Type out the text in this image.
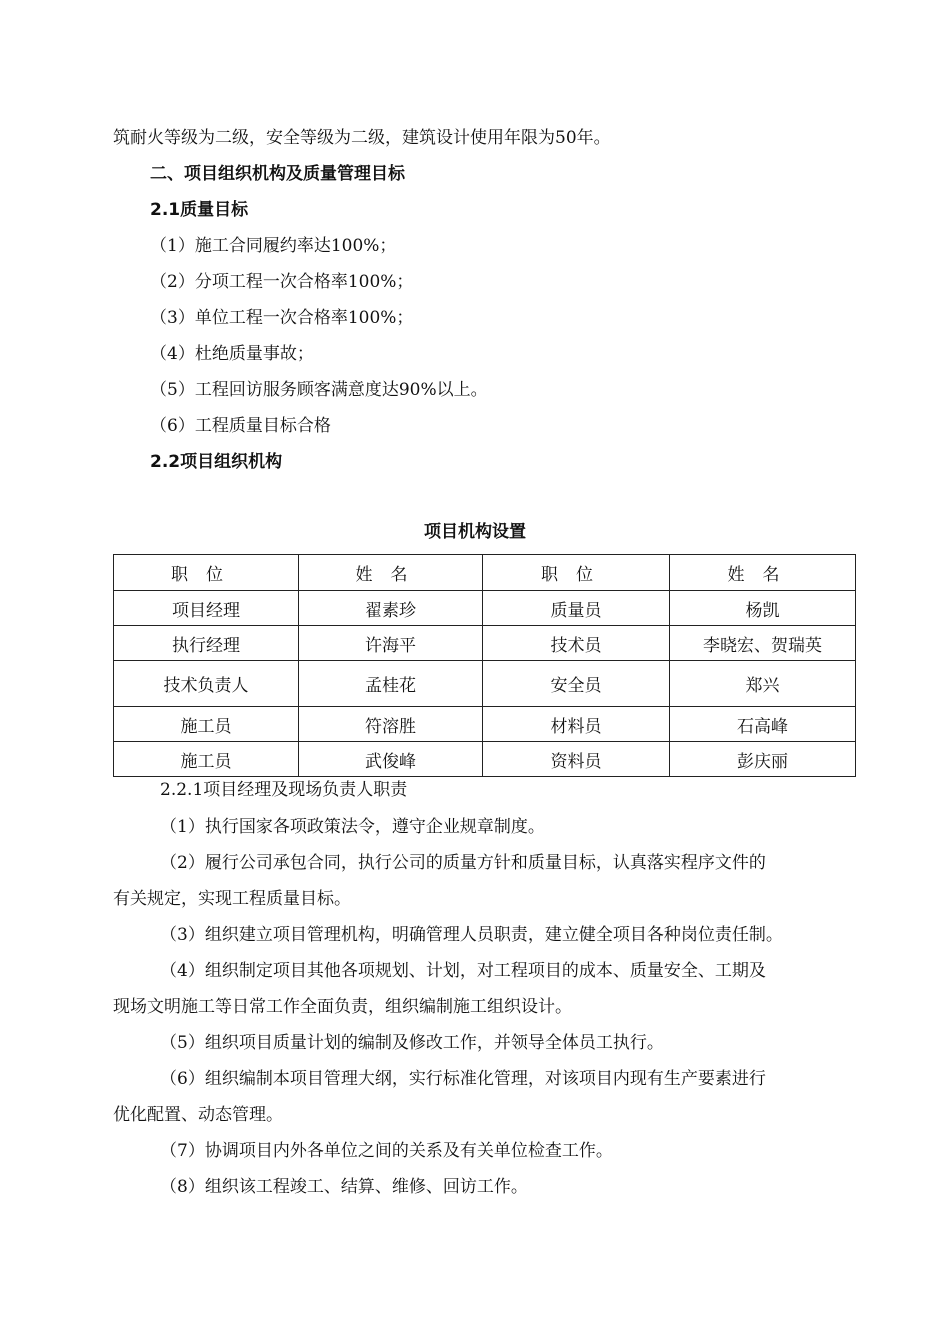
筑耐火等级为二级，安全等级为二级，建筑设计使用年限为50年。
二、项目组织机构及质量管理目标
2.1质量目标
（1）施工合同履约率达100%；
（2）分项工程一次合格率100%；
（3）单位工程一次合格率100%；
（4）杜绝质量事故；
（5）工程回访服务顾客满意度达90%以上。
（6）工程质量目标合格
2.2项目组织机构
项目机构设置
职位	姓名	职位	姓名
项目经理	翟素珍	质量员	杨凯
执行经理	许海平	技术员	李晓宏、贺瑞英
技术负责人	孟桂花	安全员	郑兴
施工员	符溶胜	材料员	石高峰
施工员	武俊峰	资料员	彭庆丽
2.2.1项目经理及现场负责人职责
（1）执行国家各项政策法令，遵守企业规章制度。
（2）履行公司承包合同，执行公司的质量方针和质量目标，认真落实程序文件的
有关规定，实现工程质量目标。
（3）组织建立项目管理机构，明确管理人员职责，建立健全项目各种岗位责任制。
（4）组织制定项目其他各项规划、计划，对工程项目的成本、质量安全、工期及
现场文明施工等日常工作全面负责，组织编制施工组织设计。
（5）组织项目质量计划的编制及修改工作，并领导全体员工执行。
（6）组织编制本项目管理大纲，实行标准化管理，对该项目内现有生产要素进行
优化配置、动态管理。
（7）协调项目内外各单位之间的关系及有关单位检查工作。
（8）组织该工程竣工、结算、维修、回访工作。
